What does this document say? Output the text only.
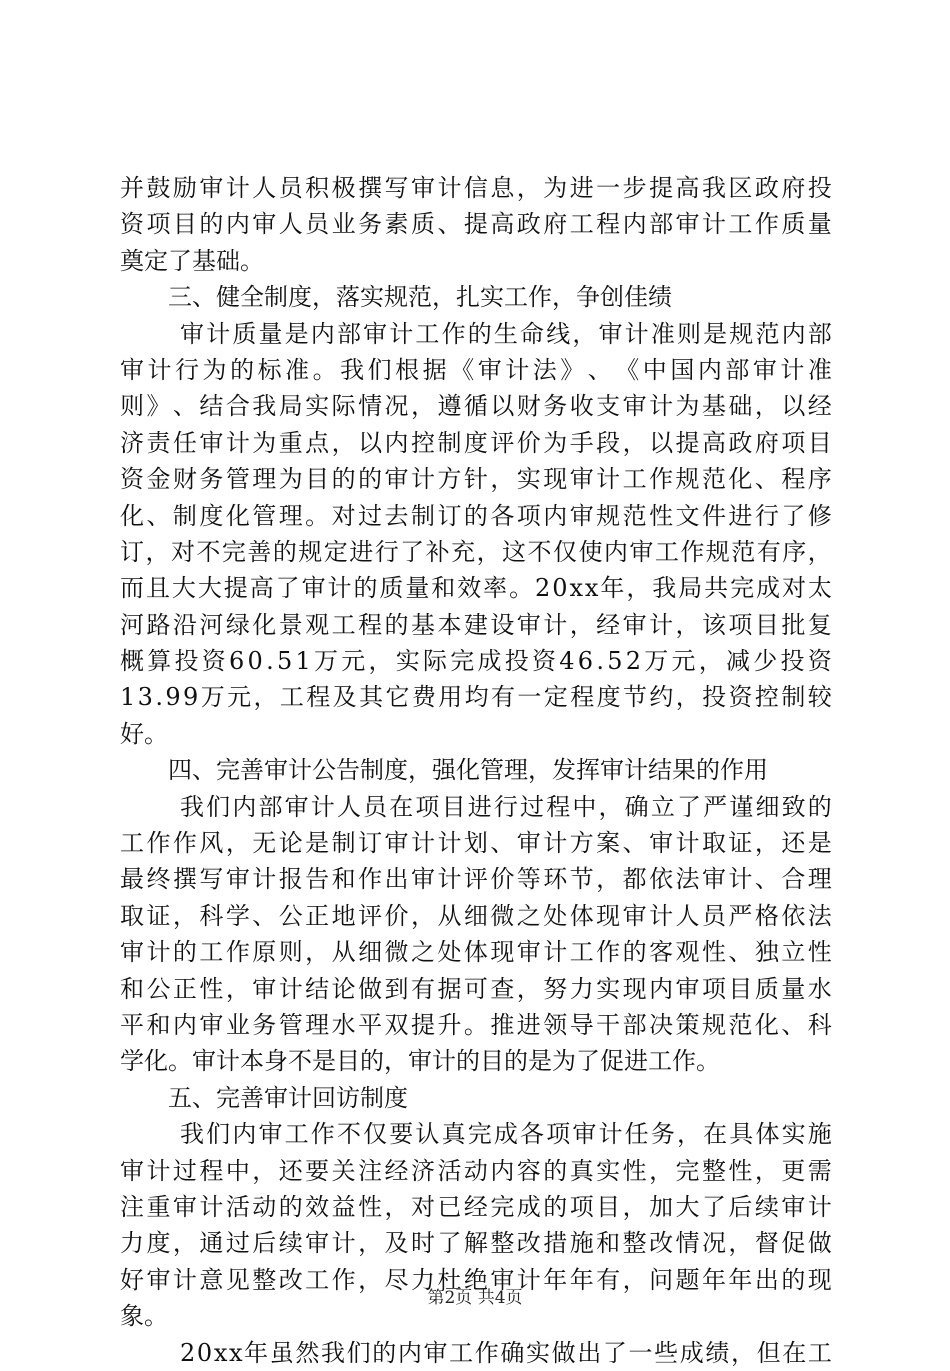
并 鼓 励 审 计 人 员 积 极 撰 写 审 计 信 息 ， 为 进 一 步 提 高 我 区 政 府 投
资 项 目 的 内 审 人 员 业 务 素 质 、 提 高 政 府 工 程 内 部 审 计 工 作 质 量
奠定了基础。
三、健全制度，落实规范，扎实工作，争创佳绩
审 计 质 量 是 内 部 审 计 工 作 的 生 命 线 ， 审 计 准 则 是 规 范 内 部
审 计 行 为 的 标 准 。 我 们 根 据 《 审 计 法 》 、 《 中 国 内 部 审 计 准
则 》 、 结 合 我 局 实 际 情 况 ， 遵 循 以 财 务 收 支 审 计 为 基 础 ， 以 经
济 责 任 审 计 为 重 点 ， 以 内 控 制 度 评 价 为 手 段 ， 以 提 高 政 府 项 目
资 金 财 务 管 理 为 目 的 的 审 计 方 针 ， 实 现 审 计 工 作 规 范 化 、 程 序
化 、 制 度 化 管 理 。 对 过 去 制 订 的 各 项 内 审 规 范 性 文 件 进 行 了 修
订 ， 对 不 完 善 的 规 定 进 行 了 补 充 ， 这 不 仅 使 内 审 工 作 规 范 有 序 ，
而 且 大 大 提 高 了 审 计 的 质 量 和 效 率 。 2 0 x x 年 ， 我 局 共 完 成 对 太
河 路 沿 河 绿 化 景 观 工 程 的 基 本 建 设 审 计 ， 经 审 计 ， 该 项 目 批 复
概 算 投 资 6 0 . 5 1 万 元 ， 实 际 完 成 投 资 4 6 . 5 2 万 元 ， 减 少 投 资
1 3 . 9 9 万 元 ， 工 程 及 其 它 费 用 均 有 一 定 程 度 节 约 ， 投 资 控 制 较
好。
四、完善审计公告制度，强化管理，发挥审计结果的作用
我 们 内 部 审 计 人 员 在 项 目 进 行 过 程 中 ， 确 立 了 严 谨 细 致 的
工 作 作 风 ， 无 论 是 制 订 审 计 计 划 、 审 计 方 案 、 审 计 取 证 ， 还 是
最 终 撰 写 审 计 报 告 和 作 出 审 计 评 价 等 环 节 ， 都 依 法 审 计 、 合 理
取 证 ， 科 学 、 公 正 地 评 价 ， 从 细 微 之 处 体 现 审 计 人 员 严 格 依 法
审 计 的 工 作 原 则 ， 从 细 微 之 处 体 现 审 计 工 作 的 客 观 性 、 独 立 性
和 公 正 性 ， 审 计 结 论 做 到 有 据 可 查 ， 努 力 实 现 内 审 项 目 质 量 水
平 和 内 审 业 务 管 理 水 平 双 提 升 。 推 进 领 导 干 部 决 策 规 范 化 、 科
学化。审计本身不是目的，审计的目的是为了促进工作。
五、完善审计回访制度
我 们 内 审 工 作 不 仅 要 认 真 完 成 各 项 审 计 任 务 ， 在 具 体 实 施
审 计 过 程 中 ， 还 要 关 注 经 济 活 动 内 容 的 真 实 性 ， 完 整 性 ， 更 需
注 重 审 计 活 动 的 效 益 性 ， 对 已 经 完 成 的 项 目 ， 加 大 了 后 续 审 计
力 度 ， 通 过 后 续 审 计 ， 及 时 了 解 整 改 措 施 和 整 改 情 况 ， 督 促 做
好 审 计 意 见 整 改 工 作 ， 尽 力 杜 绝 审 计 年 年 有 ， 问 题 年 年 出 的 现
象。
2 0 x x 年 虽 然 我 们 的 内 审 工 作 确 实 做 出 了 一 些 成 绩 ， 但 在 工
第2页 共4页
